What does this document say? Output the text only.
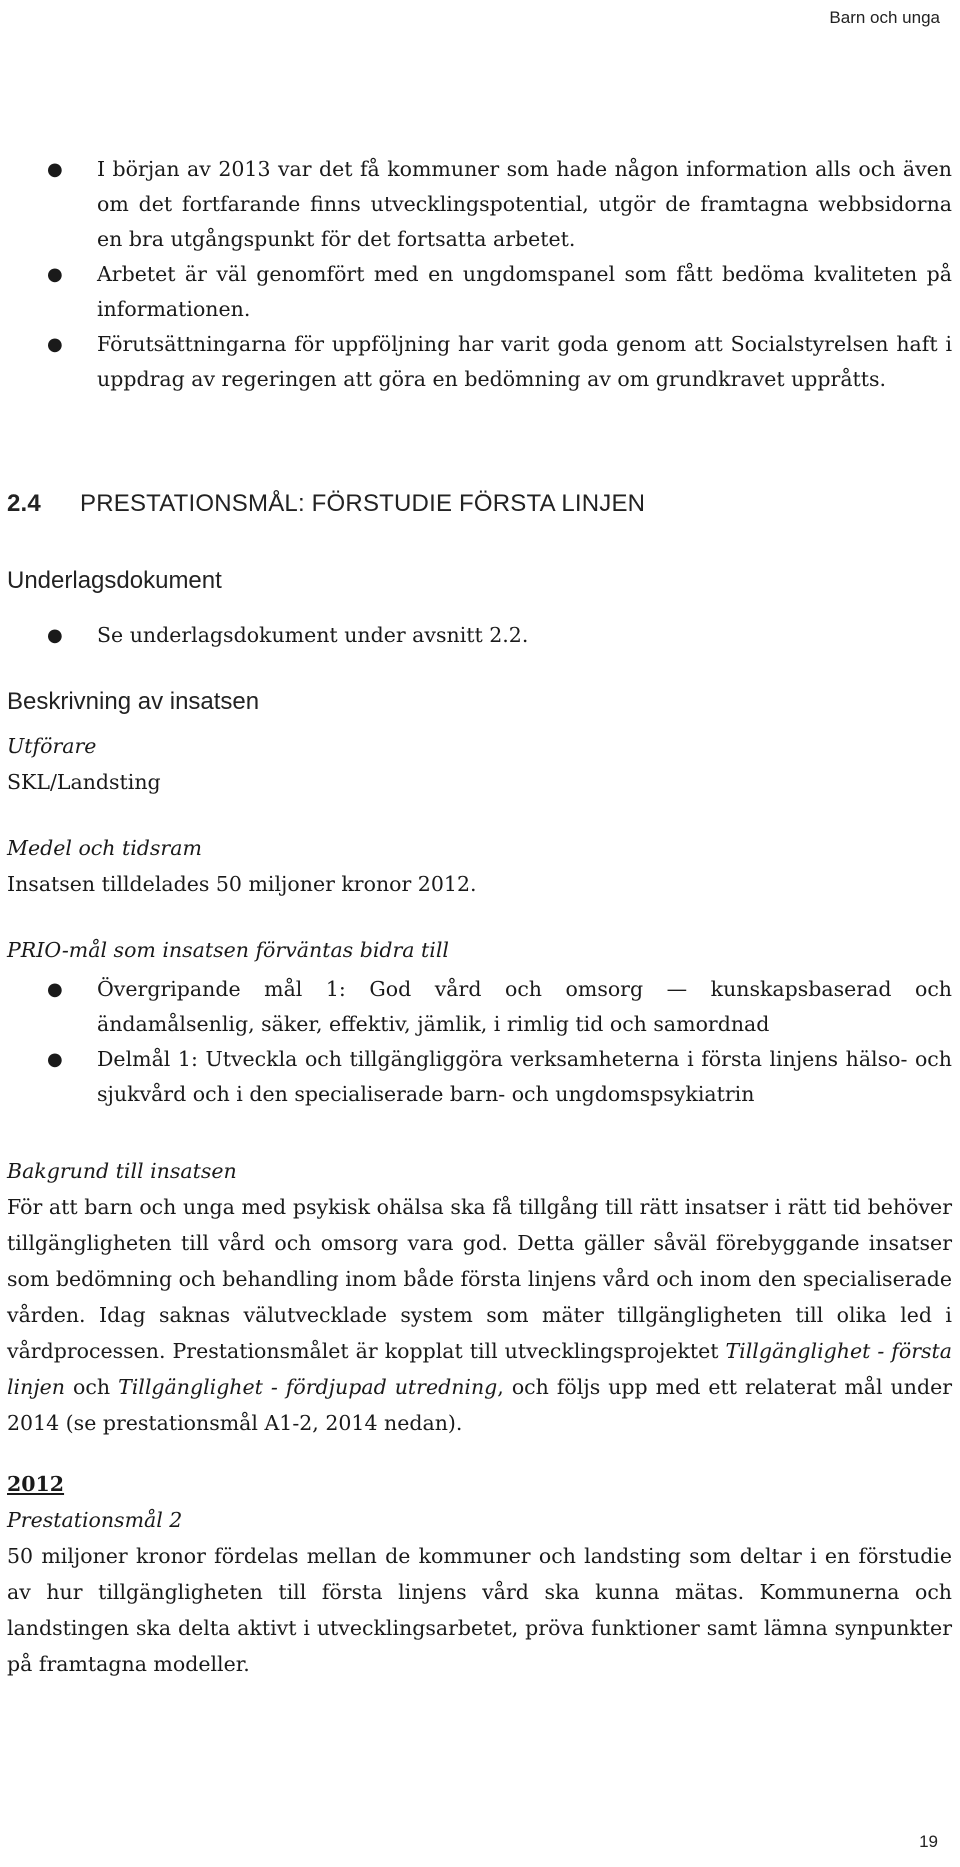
Barn och unga
● I början av 2013 var det få kommuner som hade någon information alls och även om det fortfarande finns utvecklingspotential, utgör de framtagna webbsidorna en bra utgångspunkt för det fortsatta arbetet.
● Arbetet är väl genomfört med en ungdomspanel som fått bedöma kvaliteten på informationen.
● Förutsättningarna för uppföljning har varit goda genom att Socialstyrelsen haft i uppdrag av regeringen att göra en bedömning av om grundkravet uppråtts.
2.4 PRESTATIONSMÅL: FÖRSTUDIE FÖRSTA LINJEN
Underlagsdokument
● Se underlagsdokument under avsnitt 2.2.
Beskrivning av insatsen
Utförare
SKL/Landsting
Medel och tidsram
Insatsen tilldelades 50 miljoner kronor 2012.
PRIO-mål som insatsen förväntas bidra till
● Övergripande mål 1: God vård och omsorg — kunskapsbaserad och ändamålsenlig, säker, effektiv, jämlik, i rimlig tid och samordnad
● Delmål 1: Utveckla och tillgängliggöra verksamheterna i första linjens hälso- och sjukvård och i den specialiserade barn- och ungdomspsykiatrin
Bakgrund till insatsen
För att barn och unga med psykisk ohälsa ska få tillgång till rätt insatser i rätt tid behöver tillgängligheten till vård och omsorg vara god. Detta gäller såväl förebyggande insatser som bedömning och behandling inom både första linjens vård och inom den specialiserade vården. Idag saknas välutvecklade system som mäter tillgängligheten till olika led i vårdprocessen. Prestationsmålet är kopplat till utvecklingsprojektet Tillgänglighet - första linjen och Tillgänglighet - fördjupad utredning, och följs upp med ett relaterat mål under 2014 (se prestationsmål A1-2, 2014 nedan).
2012
Prestationsmål 2
50 miljoner kronor fördelas mellan de kommuner och landsting som deltar i en förstudie av hur tillgängligheten till första linjens vård ska kunna mätas. Kommunerna och landstingen ska delta aktivt i utvecklingsarbetet, pröva funktioner samt lämna synpunkter på framtagna modeller.
19
